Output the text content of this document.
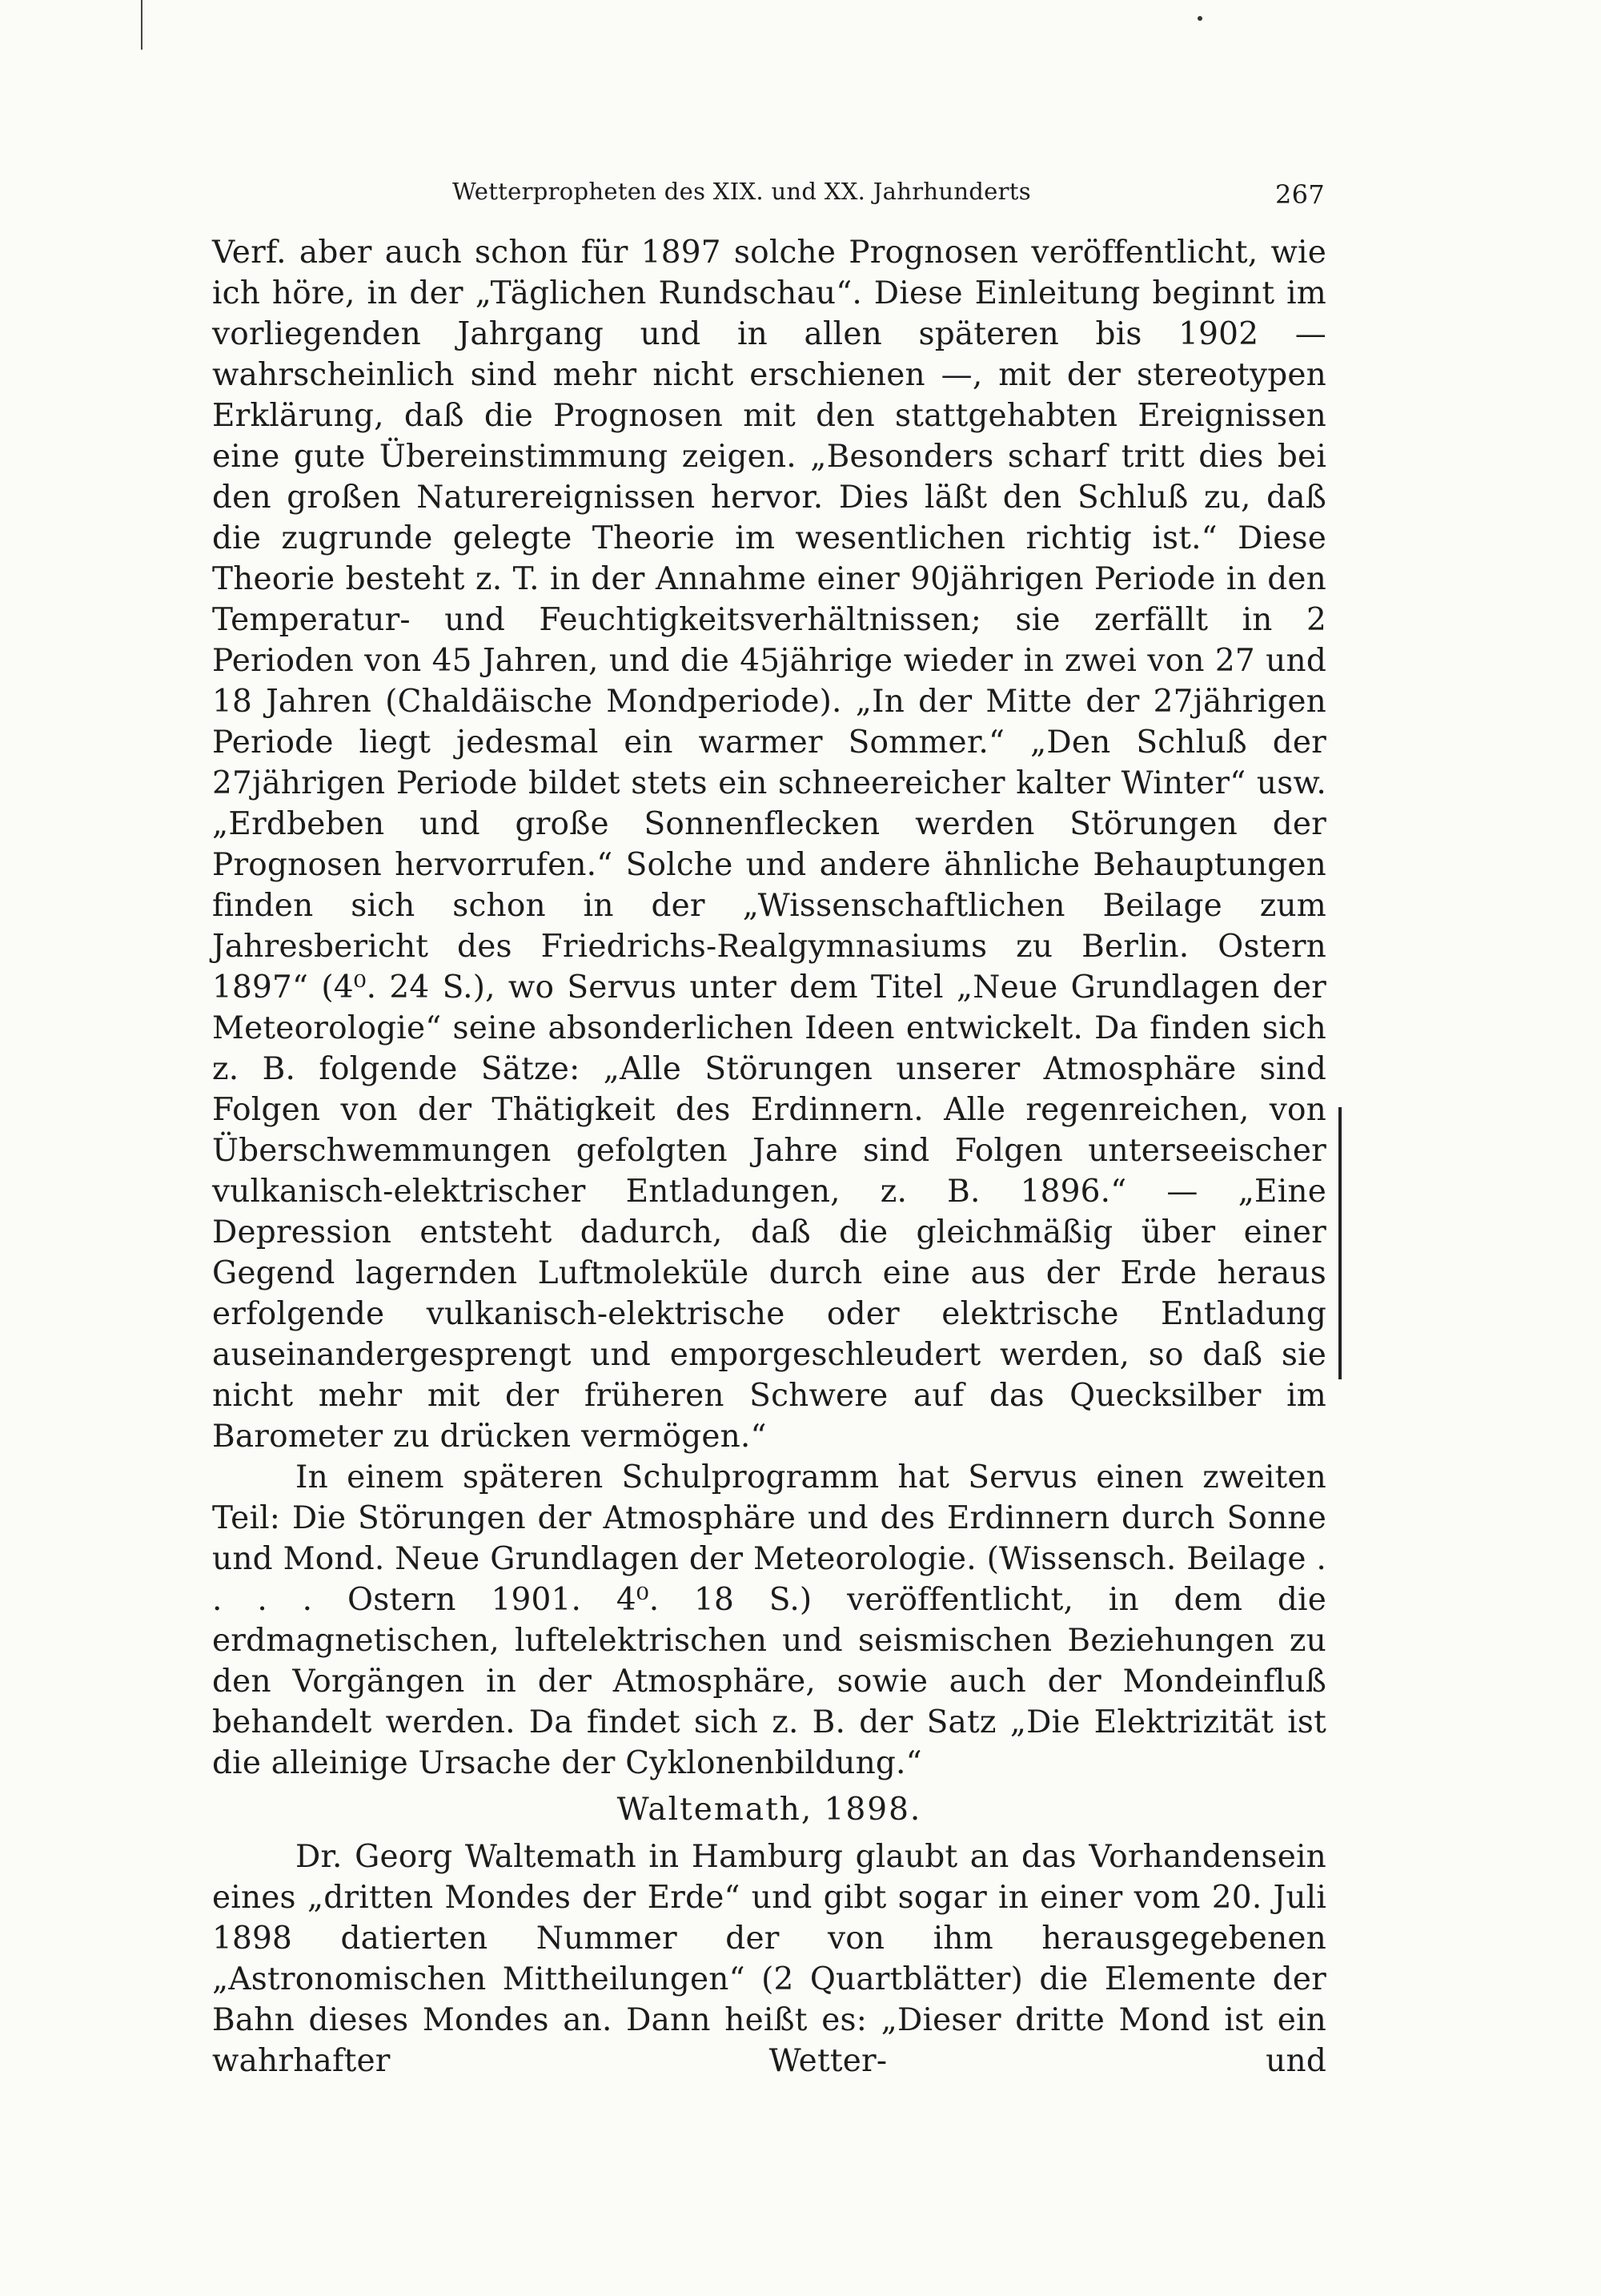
Wetterpropheten des XIX. und XX. Jahrhunderts	267

Verf. aber auch schon für 1897 solche Prognosen veröffentlicht, wie ich höre, in der „Täglichen Rundschau“. Diese Einleitung beginnt im vorliegenden Jahrgang und in allen späteren bis 1902 — wahrscheinlich sind mehr nicht erschienen —, mit der stereotypen Erklärung, daß die Prognosen mit den stattgehabten Ereignissen eine gute Übereinstimmung zeigen. „Besonders scharf tritt dies bei den großen Naturereignissen hervor. Dies läßt den Schluß zu, daß die zugrunde gelegte Theorie im wesentlichen richtig ist.“ Diese Theorie besteht z. T. in der Annahme einer 90jährigen Periode in den Temperatur- und Feuchtigkeitsverhältnissen; sie zerfällt in 2 Perioden von 45 Jahren, und die 45jährige wieder in zwei von 27 und 18 Jahren (Chaldäische Mondperiode). „In der Mitte der 27jährigen Periode liegt jedesmal ein warmer Sommer.“ „Den Schluß der 27jährigen Periode bildet stets ein schneereicher kalter Winter“ usw. „Erdbeben und große Sonnenflecken werden Störungen der Prognosen hervorrufen.“ Solche und andere ähnliche Behauptungen finden sich schon in der „Wissenschaftlichen Beilage zum Jahresbericht des Friedrichs-Realgymnasiums zu Berlin. Ostern 1897“ (4⁰. 24 S.), wo Servus unter dem Titel „Neue Grundlagen der Meteorologie“ seine absonderlichen Ideen entwickelt. Da finden sich z. B. folgende Sätze: „Alle Störungen unserer Atmosphäre sind Folgen von der Thätigkeit des Erdinnern. Alle regenreichen, von Überschwemmungen gefolgten Jahre sind Folgen unterseeischer vulkanisch-elektrischer Entladungen, z. B. 1896.“ — „Eine Depression entsteht dadurch, daß die gleichmäßig über einer Gegend lagernden Luftmoleküle durch eine aus der Erde heraus erfolgende vulkanisch-elektrische oder elektrische Entladung auseinandergesprengt und emporgeschleudert werden, so daß sie nicht mehr mit der früheren Schwere auf das Quecksilber im Barometer zu drücken vermögen.“

In einem späteren Schulprogramm hat Servus einen zweiten Teil: Die Störungen der Atmosphäre und des Erdinnern durch Sonne und Mond. Neue Grundlagen der Meteorologie. (Wissensch. Beilage . . . . Ostern 1901. 4⁰. 18 S.) veröffentlicht, in dem die erdmagnetischen, luftelektrischen und seismischen Beziehungen zu den Vorgängen in der Atmosphäre, sowie auch der Mondeinfluß behandelt werden. Da findet sich z. B. der Satz „Die Elektrizität ist die alleinige Ursache der Cyklonenbildung.“

Waltemath, 1898.

Dr. Georg Waltemath in Hamburg glaubt an das Vorhandensein eines „dritten Mondes der Erde“ und gibt sogar in einer vom 20. Juli 1898 datierten Nummer der von ihm herausgegebenen „Astronomischen Mittheilungen“ (2 Quartblätter) die Elemente der Bahn dieses Mondes an. Dann heißt es: „Dieser dritte Mond ist ein wahrhafter Wetter- und
